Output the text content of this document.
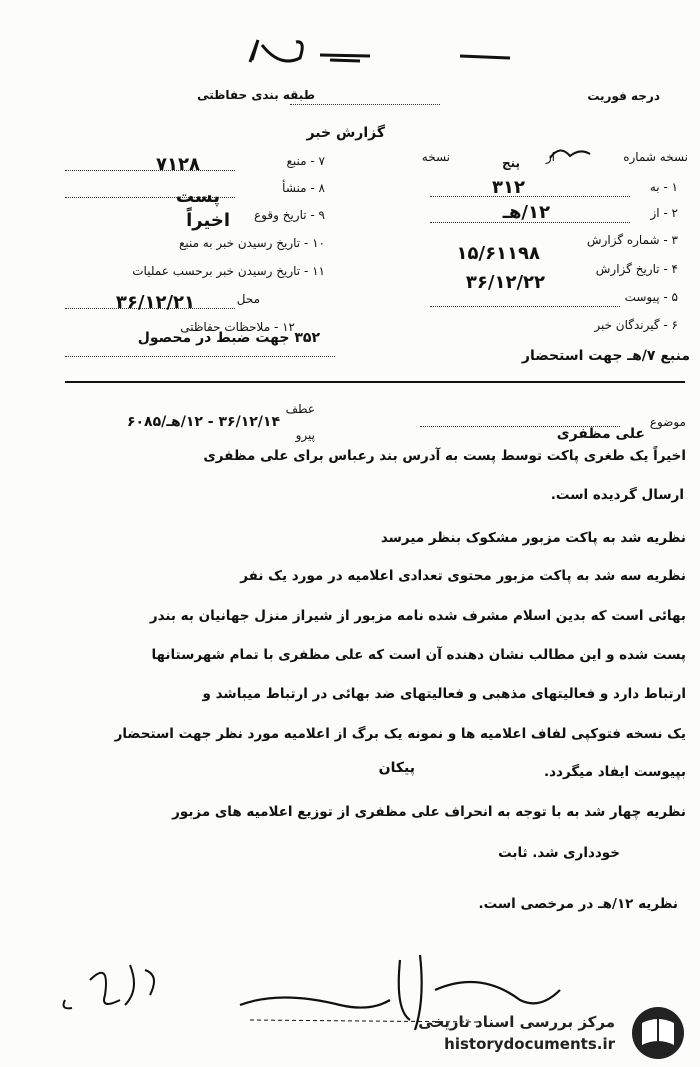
طبقه بندی حفاظتی	درجه فوریت
گزارش خبر
نسخه شماره
از
پنج
نسخه
۱ - به
۳۱۲
۲ - از
۱۲/هـ
۳ - شماره گزارش
۱۵/۶۱۱۹۸
۴ - تاریخ گزارش
۳۶/۱۲/۲۲
۵ - پیوست
۶ - گیرندگان خبر
۳۵۲ جهت ضبط در محصول
منبع ۷/هـ جهت استحضار
۷ - منبع
۷۱۲۸
۸ - منشأ
پست
۹ - تاریخ وقوع
اخیراً
۱۰ - تاریخ رسیدن خبر به منبع
۱۱ - تاریخ رسیدن خبر برحسب عملیات
محل
۳۶/۱۲/۲۱
۱۲ - ملاحظات حفاظتی
موضوع
علی مظفری
عطف
پیرو
۳۶/۱۲/۱۴ - ۱۲/هـ/۶۰۸۵
اخیراً یک طغری پاکت توسط پست به آدرس بند رعباس برای علی مظفری
ارسال گردیده است.
نظریه شد به پاکت مزبور مشکوک بنظر میرسد
نظریه سه شد به پاکت مزبور محتوی تعدادی اعلامیه در مورد یک نفر
بهائی است که بدین اسلام مشرف شده نامه مزبور از شیراز منزل جهانیان به بندر
پست شده و این مطالب نشان دهنده آن است که علی مظفری با تمام شهرستانها
ارتباط دارد و فعالیتهای مذهبی و فعالیتهای ضد بهائی در ارتباط میباشد و
یک نسخه فتوکپی لفاف اعلامیه ها و نمونه یک برگ از اعلامیه مورد نظر جهت استحضار
بپیوست ایفاد میگردد.
پیکان
نظریه چهار شد به با توجه به انحراف علی مظفری از توزیع اعلامیه های مزبور
خودداری شد. ثابت
نظریه ۱۲/هـ در مرخصی است.
مرکز بررسی اسناد تاریخی
historydocuments.ir
